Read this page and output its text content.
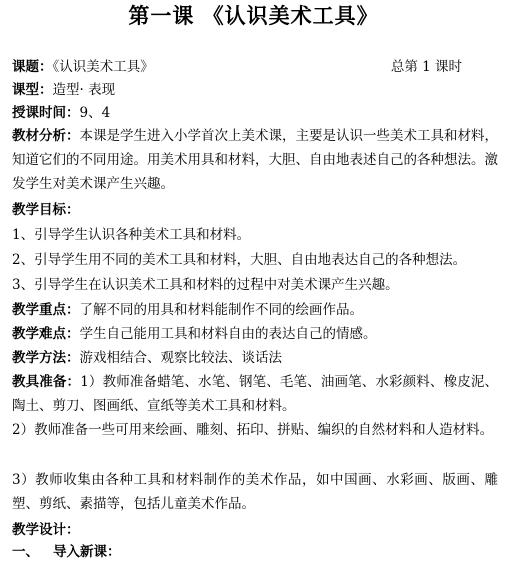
第一课 《认识美术工具》
课题：《认识美术工具》	总第 1 课时
课型：造型· 表现
授课时间：9、4
教材分析：本课是学生进入小学首次上美术课，主要是认识一些美术工具和材料，知道它们的不同用途。用美术用具和材料，大胆、自由地表述自己的各种想法。激发学生对美术课产生兴趣。
教学目标：
1、引导学生认识各种美术工具和材料。
2、引导学生用不同的美术工具和材料，大胆、自由地表达自己的各种想法。
3、引导学生在认识美术工具和材料的过程中对美术课产生兴趣。
教学重点：了解不同的用具和材料能制作不同的绘画作品。
教学难点：学生自己能用工具和材料自由的表达自己的情感。
教学方法：游戏相结合、观察比较法、谈话法
教具准备：1）教师准备蜡笔、水笔、钢笔、毛笔、油画笔、水彩颜料、橡皮泥、陶土、剪刀、图画纸、宣纸等美术工具和材料。
2）教师准备一些可用来绘画、雕刻、拓印、拼贴、编织的自然材料和人造材料。
3）教师收集由各种工具和材料制作的美术作品，如中国画、水彩画、版画、雕塑、剪纸、素描等，包括儿童美术作品。
教学设计：
一、 导入新课：
